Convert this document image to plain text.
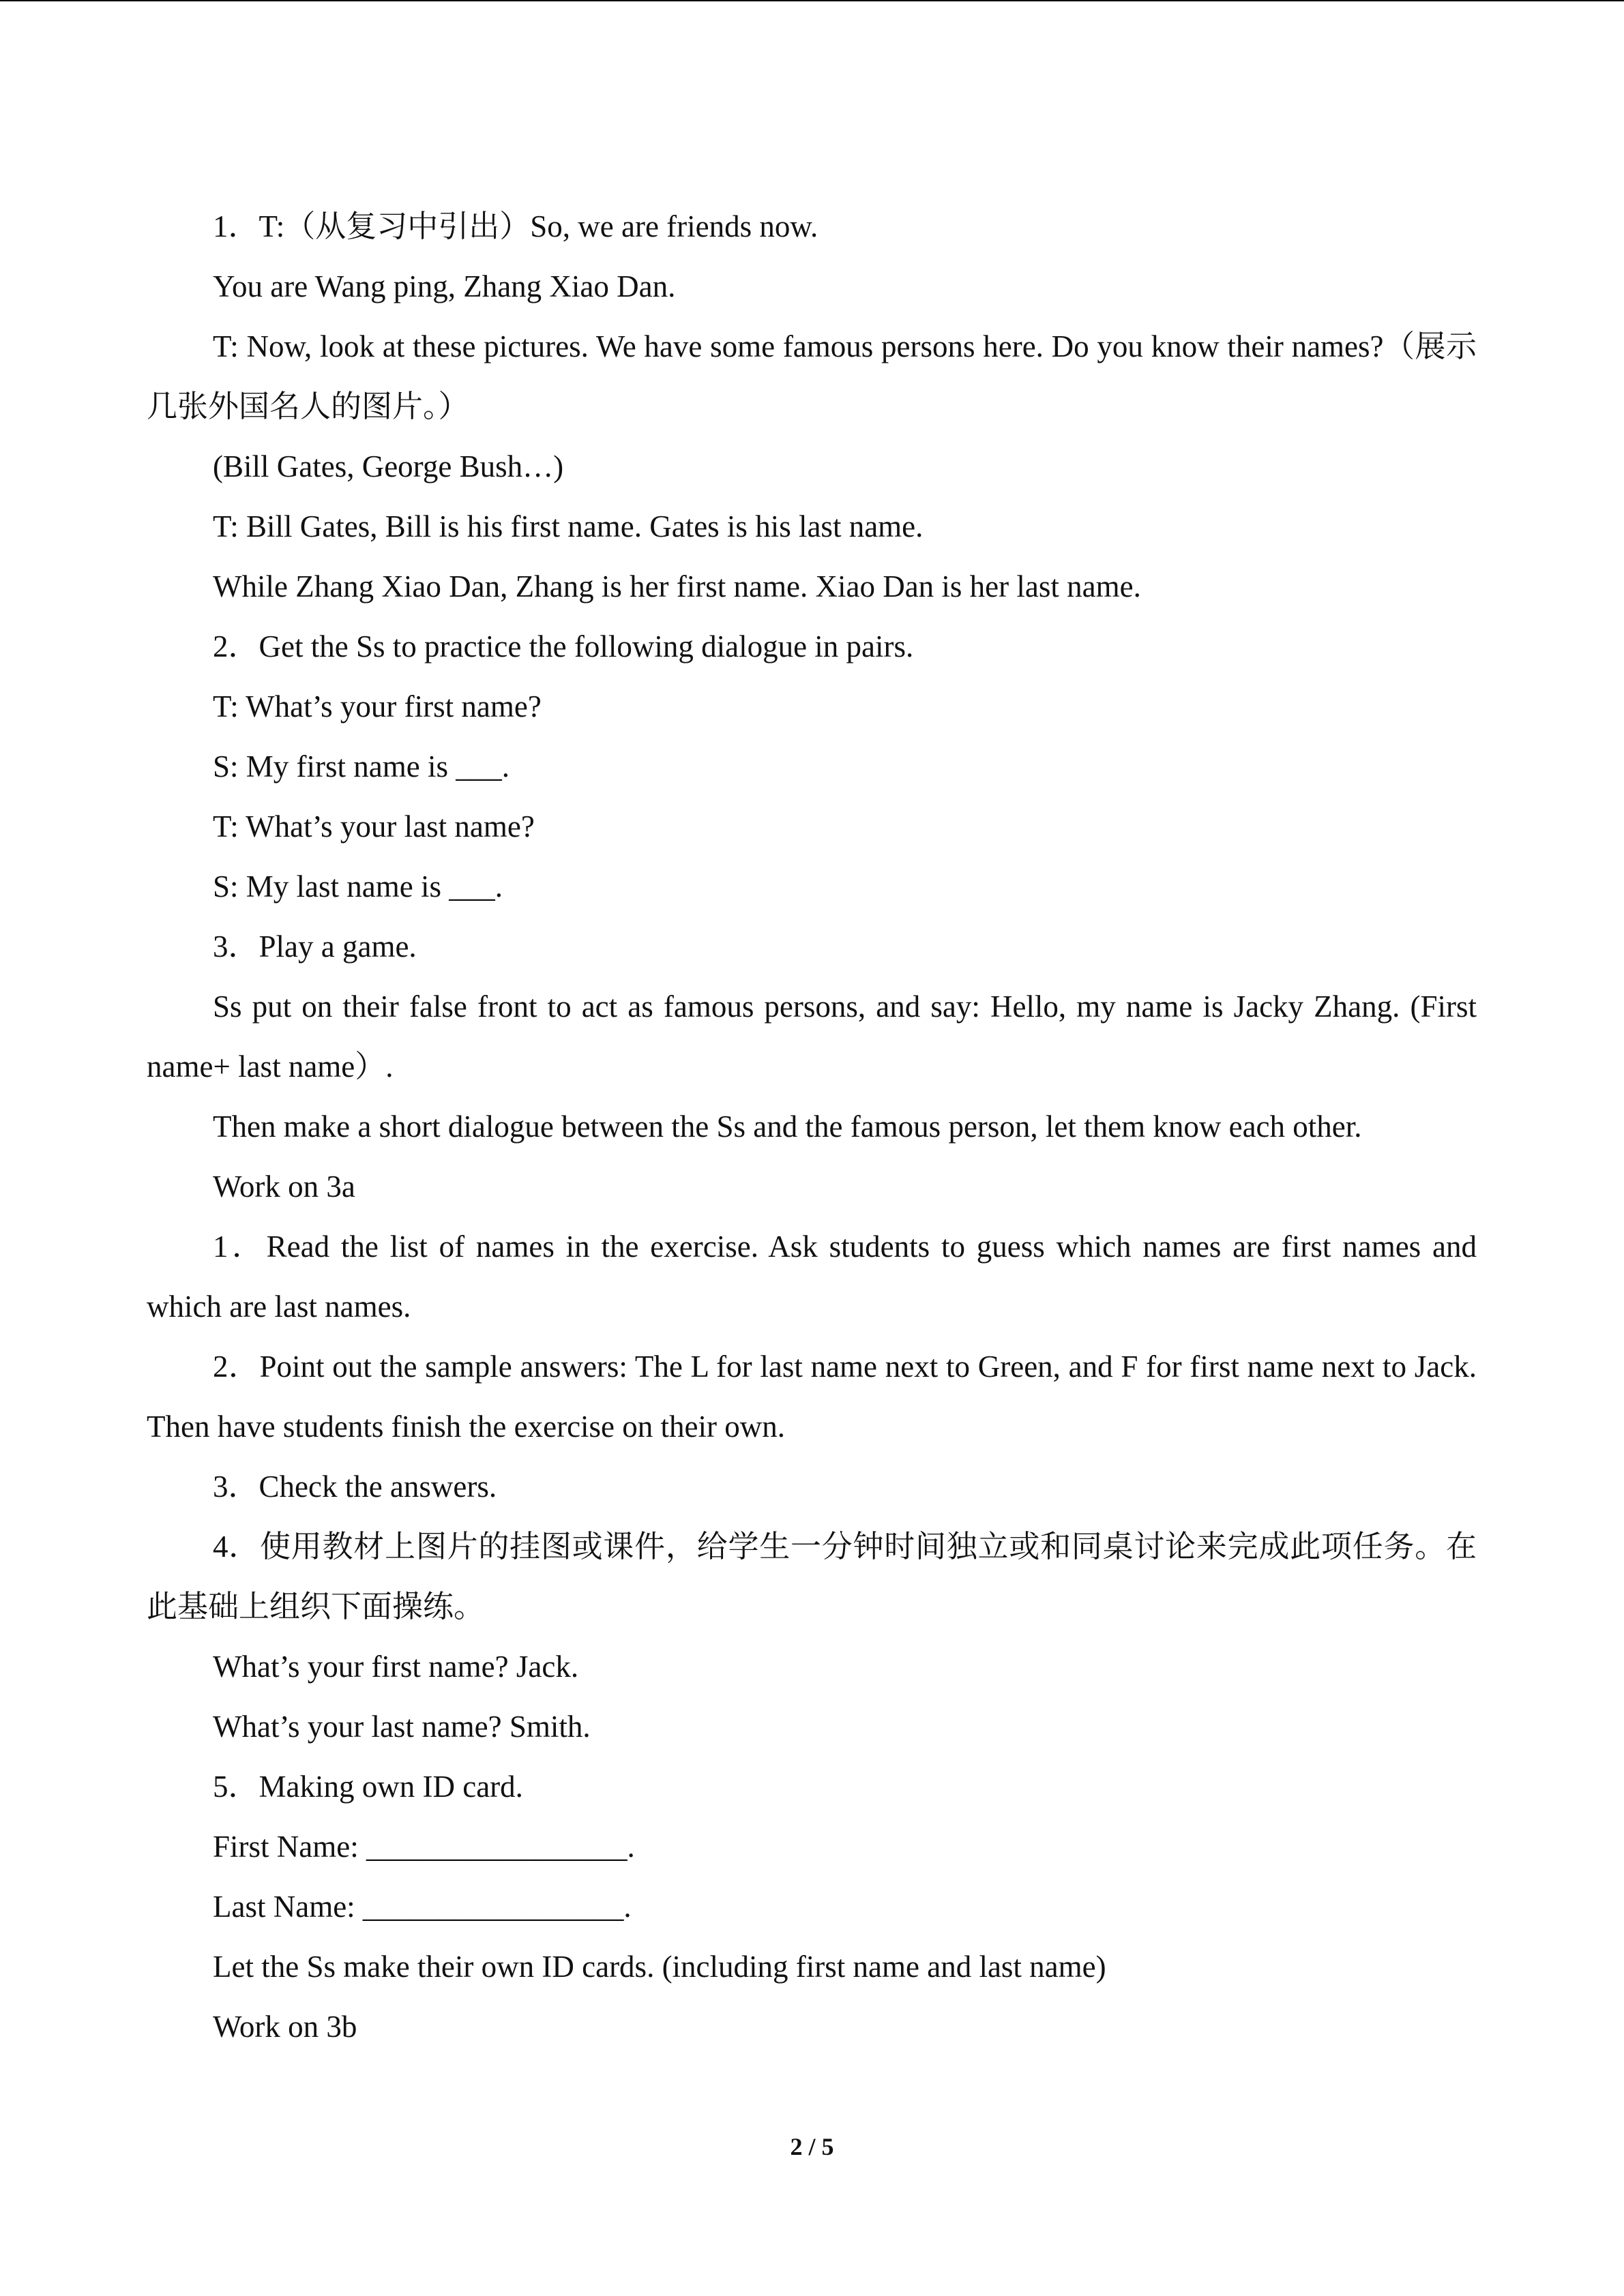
1．T:（从复习中引出）So, we are friends now.

You are Wang ping, Zhang Xiao Dan.

T: Now, look at these pictures. We have some famous persons here. Do you know their names?（展示几张外国名人的图片。）

(Bill Gates, George Bush…)

T: Bill Gates, Bill is his first name. Gates is his last name.

While Zhang Xiao Dan, Zhang is her first name. Xiao Dan is her last name.

2．Get the Ss to practice the following dialogue in pairs.

T: What’s your first name?

S: My first name is ___.

T: What’s your last name?

S: My last name is ___.

3．Play a game.

Ss put on their false front to act as famous persons, and say: Hello, my name is Jacky Zhang. (First name+ last name）.

Then make a short dialogue between the Ss and the famous person, let them know each other.

Work on 3a

1．Read the list of names in the exercise. Ask students to guess which names are first names and which are last names.

2．Point out the sample answers: The L for last name next to Green, and F for first name next to Jack. Then have students finish the exercise on their own.

3．Check the answers.

4．使用教材上图片的挂图或课件，给学生一分钟时间独立或和同桌讨论来完成此项任务。在此基础上组织下面操练。

What’s your first name? Jack.

What’s your last name? Smith.

5．Making own ID card.

First Name: _________________.

Last Name: _________________.

Let the Ss make their own ID cards. (including first name and last name)

Work on 3b

2 / 5
